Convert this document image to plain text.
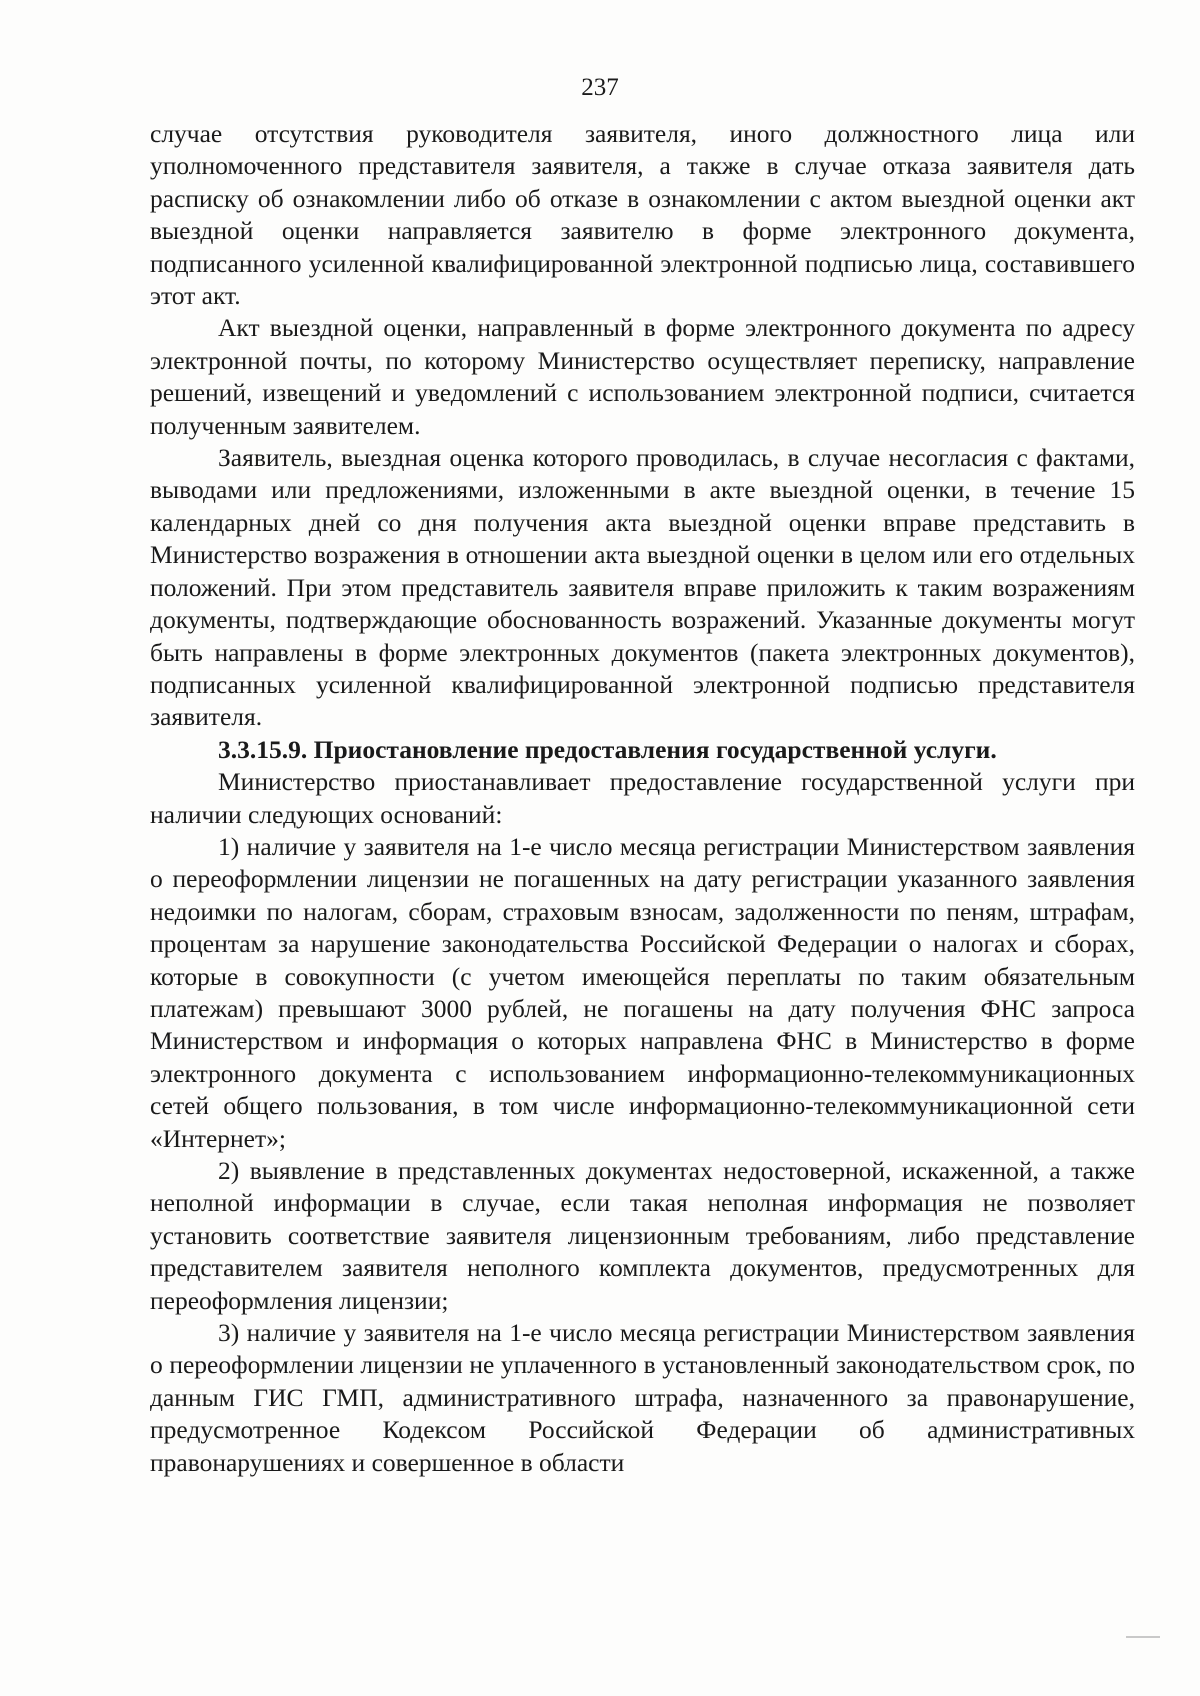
237

случае отсутствия руководителя заявителя, иного должностного лица или уполномоченного представителя заявителя, а также в случае отказа заявителя дать расписку об ознакомлении либо об отказе в ознакомлении с актом выездной оценки акт выездной оценки направляется заявителю в форме электронного документа, подписанного усиленной квалифицированной электронной подписью лица, составившего этот акт.

Акт выездной оценки, направленный в форме электронного документа по адресу электронной почты, по которому Министерство осуществляет переписку, направление решений, извещений и уведомлений с использованием электронной подписи, считается полученным заявителем.

Заявитель, выездная оценка которого проводилась, в случае несогласия с фактами, выводами или предложениями, изложенными в акте выездной оценки, в течение 15 календарных дней со дня получения акта выездной оценки вправе представить в Министерство возражения в отношении акта выездной оценки в целом или его отдельных положений. При этом представитель заявителя вправе приложить к таким возражениям документы, подтверждающие обоснованность возражений. Указанные документы могут быть направлены в форме электронных документов (пакета электронных документов), подписанных усиленной квалифицированной электронной подписью представителя заявителя.

3.3.15.9. Приостановление предоставления государственной услуги.

Министерство приостанавливает предоставление государственной услуги при наличии следующих оснований:

1) наличие у заявителя на 1-е число месяца регистрации Министерством заявления о переоформлении лицензии не погашенных на дату регистрации указанного заявления недоимки по налогам, сборам, страховым взносам, задолженности по пеням, штрафам, процентам за нарушение законодательства Российской Федерации о налогах и сборах, которые в совокупности (с учетом имеющейся переплаты по таким обязательным платежам) превышают 3000 рублей, не погашены на дату получения ФНС запроса Министерством и информация о которых направлена ФНС в Министерство в форме электронного документа с использованием информационно-телекоммуникационных сетей общего пользования, в том числе информационно-телекоммуникационной сети «Интернет»;

2) выявление в представленных документах недостоверной, искаженной, а также неполной информации в случае, если такая неполная информация не позволяет установить соответствие заявителя лицензионным требованиям, либо представление представителем заявителя неполного комплекта документов, предусмотренных для переоформления лицензии;

3) наличие у заявителя на 1-е число месяца регистрации Министерством заявления о переоформлении лицензии не уплаченного в установленный законодательством срок, по данным ГИС ГМП, административного штрафа, назначенного за правонарушение, предусмотренное Кодексом Российской Федерации об административных правонарушениях и совершенное в области
